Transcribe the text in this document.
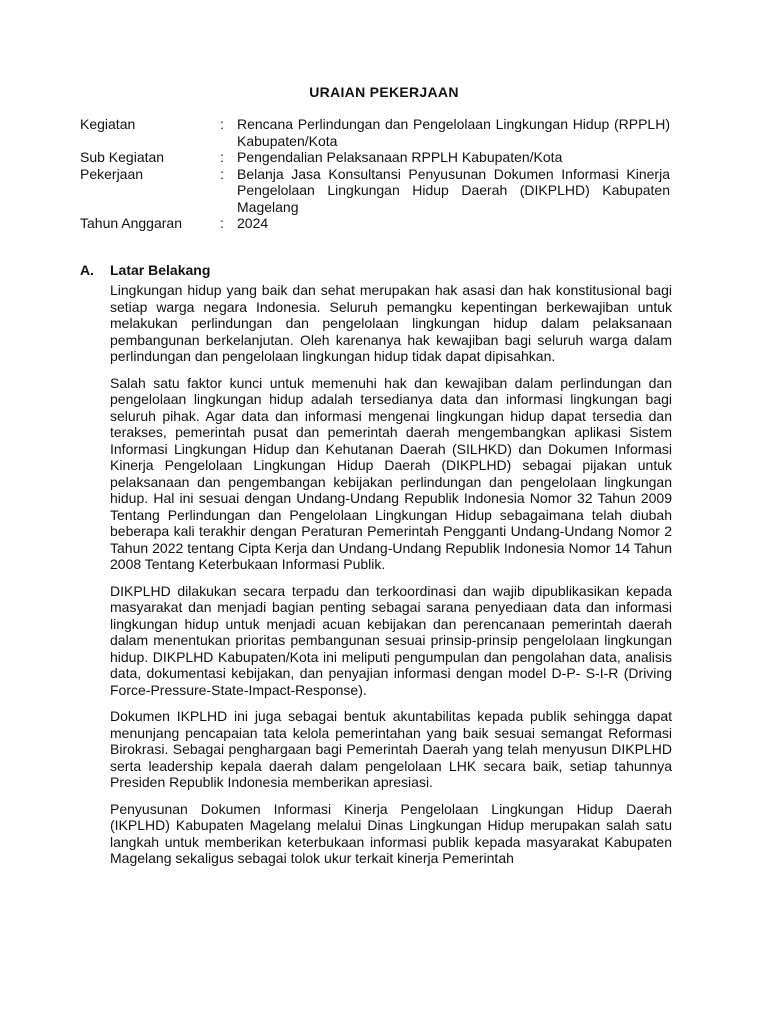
URAIAN PEKERJAAN
Kegiatan	: Rencana Perlindungan dan Pengelolaan Lingkungan Hidup (RPPLH) Kabupaten/Kota
Sub Kegiatan	: Pengendalian Pelaksanaan RPPLH Kabupaten/Kota
Pekerjaan	: Belanja Jasa Konsultansi Penyusunan Dokumen Informasi Kinerja Pengelolaan Lingkungan Hidup Daerah (DIKPLHD) Kabupaten Magelang
Tahun Anggaran	: 2024
A.	Latar Belakang

Lingkungan hidup yang baik dan sehat merupakan hak asasi dan hak konstitusional bagi setiap warga negara Indonesia. Seluruh pemangku kepentingan berkewajiban untuk melakukan perlindungan dan pengelolaan lingkungan hidup dalam pelaksanaan pembangunan berkelanjutan. Oleh karenanya hak kewajiban bagi seluruh warga dalam perlindungan dan pengelolaan lingkungan hidup tidak dapat dipisahkan.

Salah satu faktor kunci untuk memenuhi hak dan kewajiban dalam perlindungan dan pengelolaan lingkungan hidup adalah tersedianya data dan informasi lingkungan bagi seluruh pihak. Agar data dan informasi mengenai lingkungan hidup dapat tersedia dan terakses, pemerintah pusat dan pemerintah daerah mengembangkan aplikasi Sistem Informasi Lingkungan Hidup dan Kehutanan Daerah (SILHKD) dan Dokumen Informasi Kinerja Pengelolaan Lingkungan Hidup Daerah (DIKPLHD) sebagai pijakan untuk pelaksanaan dan pengembangan kebijakan perlindungan dan pengelolaan lingkungan hidup. Hal ini sesuai dengan Undang-Undang Republik Indonesia Nomor 32 Tahun 2009 Tentang Perlindungan dan Pengelolaan Lingkungan Hidup sebagaimana telah diubah beberapa kali terakhir dengan Peraturan Pemerintah Pengganti Undang-Undang Nomor 2 Tahun 2022 tentang Cipta Kerja dan Undang-Undang Republik Indonesia Nomor 14 Tahun 2008 Tentang Keterbukaan Informasi Publik.

DIKPLHD dilakukan secara terpadu dan terkoordinasi dan wajib dipublikasikan kepada masyarakat dan menjadi bagian penting sebagai sarana penyediaan data dan informasi lingkungan hidup untuk menjadi acuan kebijakan dan perencanaan pemerintah daerah dalam menentukan prioritas pembangunan sesuai prinsip-prinsip pengelolaan lingkungan hidup. DIKPLHD Kabupaten/Kota ini meliputi pengumpulan dan pengolahan data, analisis data, dokumentasi kebijakan, dan penyajian informasi dengan model D-P- S-I-R (Driving Force-Pressure-State-Impact-Response).

Dokumen IKPLHD ini juga sebagai bentuk akuntabilitas kepada publik sehingga dapat menunjang pencapaian tata kelola pemerintahan yang baik sesuai semangat Reformasi Birokrasi. Sebagai penghargaan bagi Pemerintah Daerah yang telah menyusun DIKPLHD serta leadership kepala daerah dalam pengelolaan LHK secara baik, setiap tahunnya Presiden Republik Indonesia memberikan apresiasi.

Penyusunan Dokumen Informasi Kinerja Pengelolaan Lingkungan Hidup Daerah (IKPLHD) Kabupaten Magelang melalui Dinas Lingkungan Hidup merupakan salah satu langkah untuk memberikan keterbukaan informasi publik kepada masyarakat Kabupaten Magelang sekaligus sebagai tolok ukur terkait kinerja Pemerintah
